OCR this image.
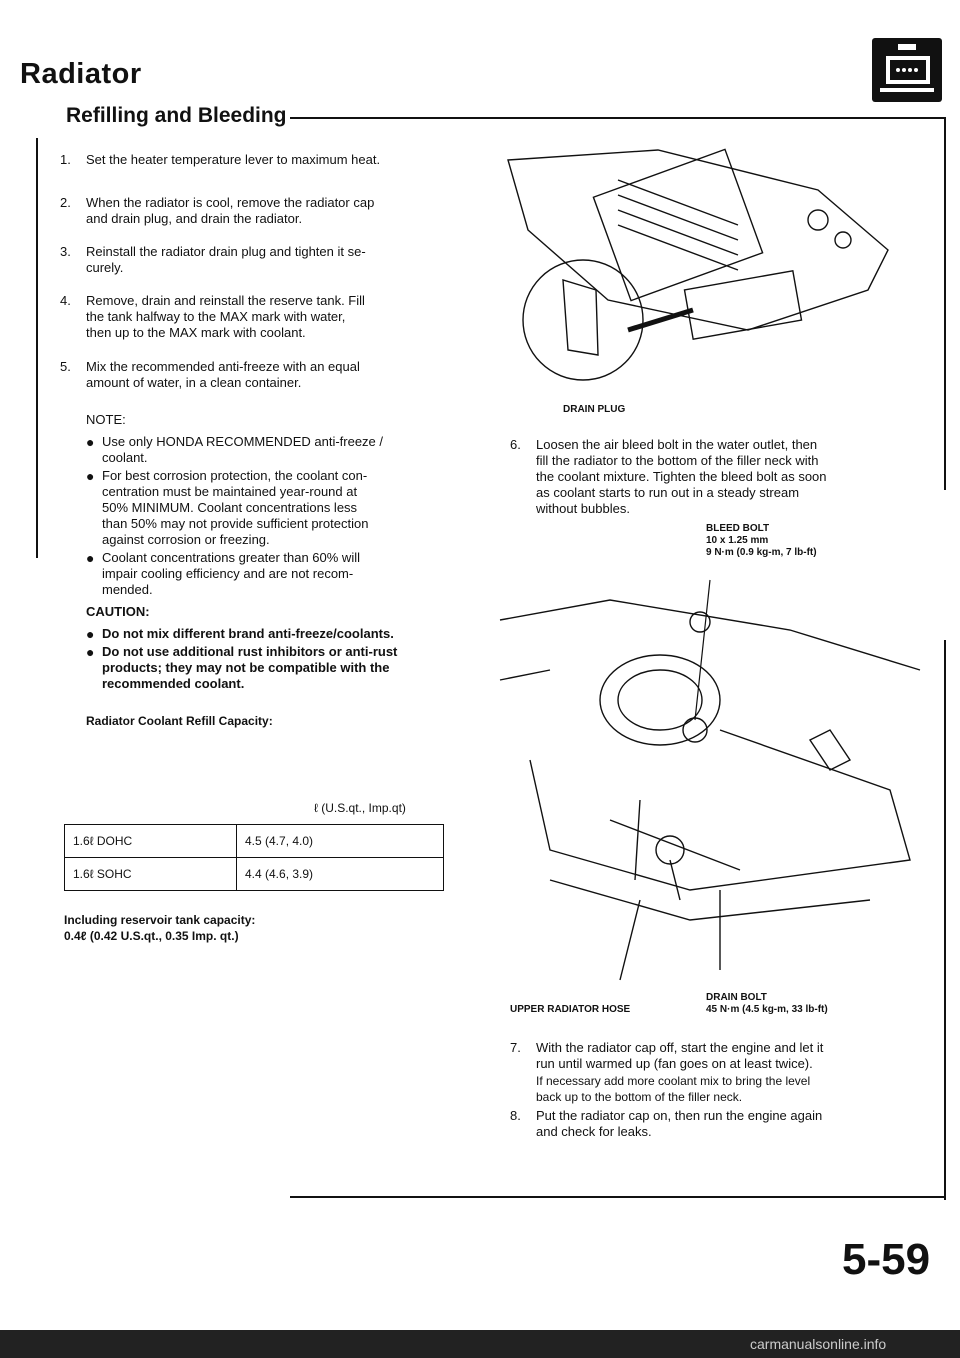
Radiator
Refilling and Bleeding
1.	Set the heater temperature lever to maximum heat.
2.	When the radiator is cool, remove the radiator cap
and drain plug, and drain the radiator.
3.	Reinstall the radiator drain plug and tighten it se-
curely.
4.	Remove, drain and reinstall the reserve tank. Fill
the tank halfway to the MAX mark with water,
then up to the MAX mark with coolant.
5.	Mix the recommended anti-freeze with an equal
amount of water, in a clean container.
NOTE:
● Use only HONDA RECOMMENDED anti-freeze /
coolant.
● For best corrosion protection, the coolant con-
centration must be maintained year-round at
50% MINIMUM. Coolant concentrations less
than 50% may not provide sufficient protection
against corrosion or freezing.
● Coolant concentrations greater than 60% will
impair cooling efficiency and are not recom-
mended.
CAUTION:
● Do not mix different brand anti-freeze/coolants.
● Do not use additional rust inhibitors or anti-rust
products; they may not be compatible with the
recommended coolant.
Radiator Coolant Refill Capacity:
ℓ (U.S.qt., Imp.qt)
1.6ℓ DOHC	4.5 (4.7, 4.0)
1.6ℓ SOHC	4.4 (4.6, 3.9)
Including reservoir tank capacity:
0.4ℓ (0.42 U.S.qt., 0.35 Imp. qt.)
DRAIN PLUG
6.	Loosen the air bleed bolt in the water outlet, then
fill the radiator to the bottom of the filler neck with
the coolant mixture. Tighten the bleed bolt as soon
as coolant starts to run out in a steady stream
without bubbles.
BLEED BOLT
10 x 1.25 mm
9 N·m (0.9 kg-m, 7 lb-ft)
UPPER RADIATOR HOSE
DRAIN BOLT
45 N·m (4.5 kg-m, 33 lb-ft)
7.	With the radiator cap off, start the engine and let it
run until warmed up (fan goes on at least twice).
If necessary add more coolant mix to bring the level
back up to the bottom of the filler neck.
8.	Put the radiator cap on, then run the engine again
and check for leaks.
5-59
carmanualsonline.info
